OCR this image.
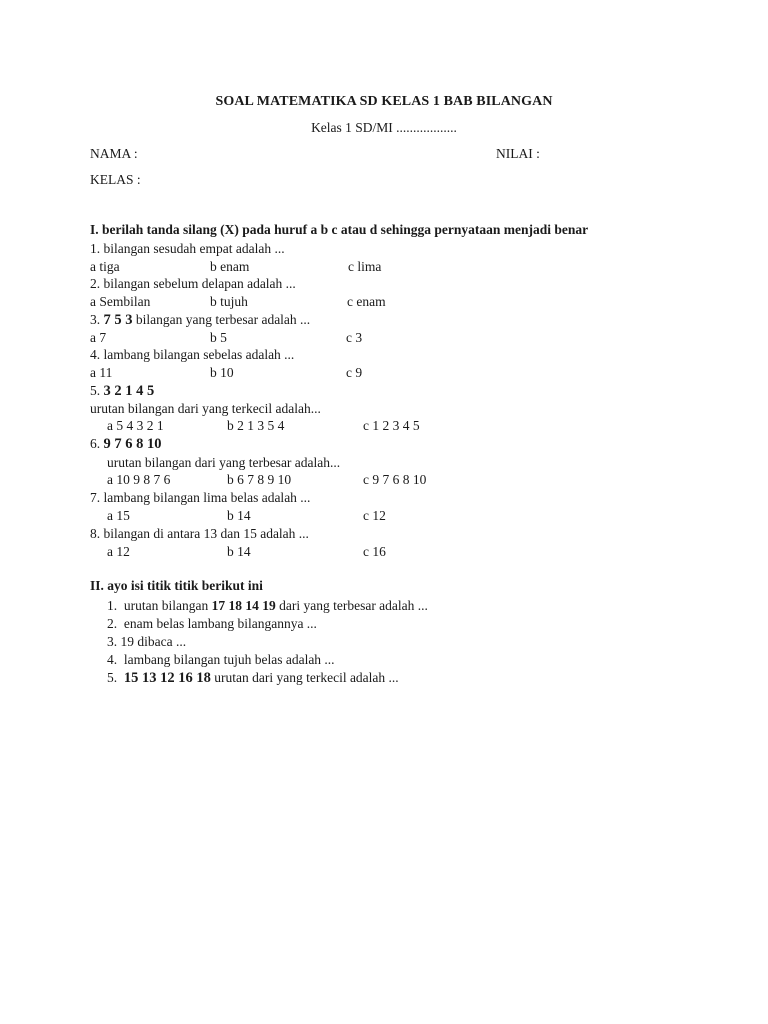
SOAL MATEMATIKA SD KELAS 1 BAB BILANGAN
Kelas 1 SD/MI ..................
NAMA :	NILAI :
KELAS :
I. berilah tanda silang (X) pada huruf a b c atau d sehingga pernyataan menjadi benar
1. bilangan sesudah empat adalah ...
a tiga	b enam	c lima
2. bilangan sebelum delapan adalah ...
a Sembilan	b tujuh	c enam
3. 7 5 3 bilangan yang terbesar adalah ...
a 7	b 5	c 3
4. lambang bilangan sebelas adalah ...
a 11	b 10	c 9
5. 3 2 1 4 5
urutan bilangan dari yang terkecil adalah...
a 5 4 3 2 1	b 2 1 3 5 4	c 1 2 3 4 5
6. 9 7 6 8 10
urutan bilangan dari yang terbesar adalah...
a 10 9 8 7 6	b 6 7 8 9 10	c 9 7 6 8 10
7. lambang bilangan lima belas adalah ...
a 15	b 14	c 12
8. bilangan di antara 13 dan 15 adalah ...
a 12	b 14	c 16
II. ayo isi titik titik berikut ini
1. urutan bilangan 17 18 14 19 dari yang terbesar adalah ...
2. enam belas lambang bilangannya ...
3. 19 dibaca ...
4. lambang bilangan tujuh belas adalah ...
5. 15 13 12 16 18 urutan dari yang terkecil adalah ...
